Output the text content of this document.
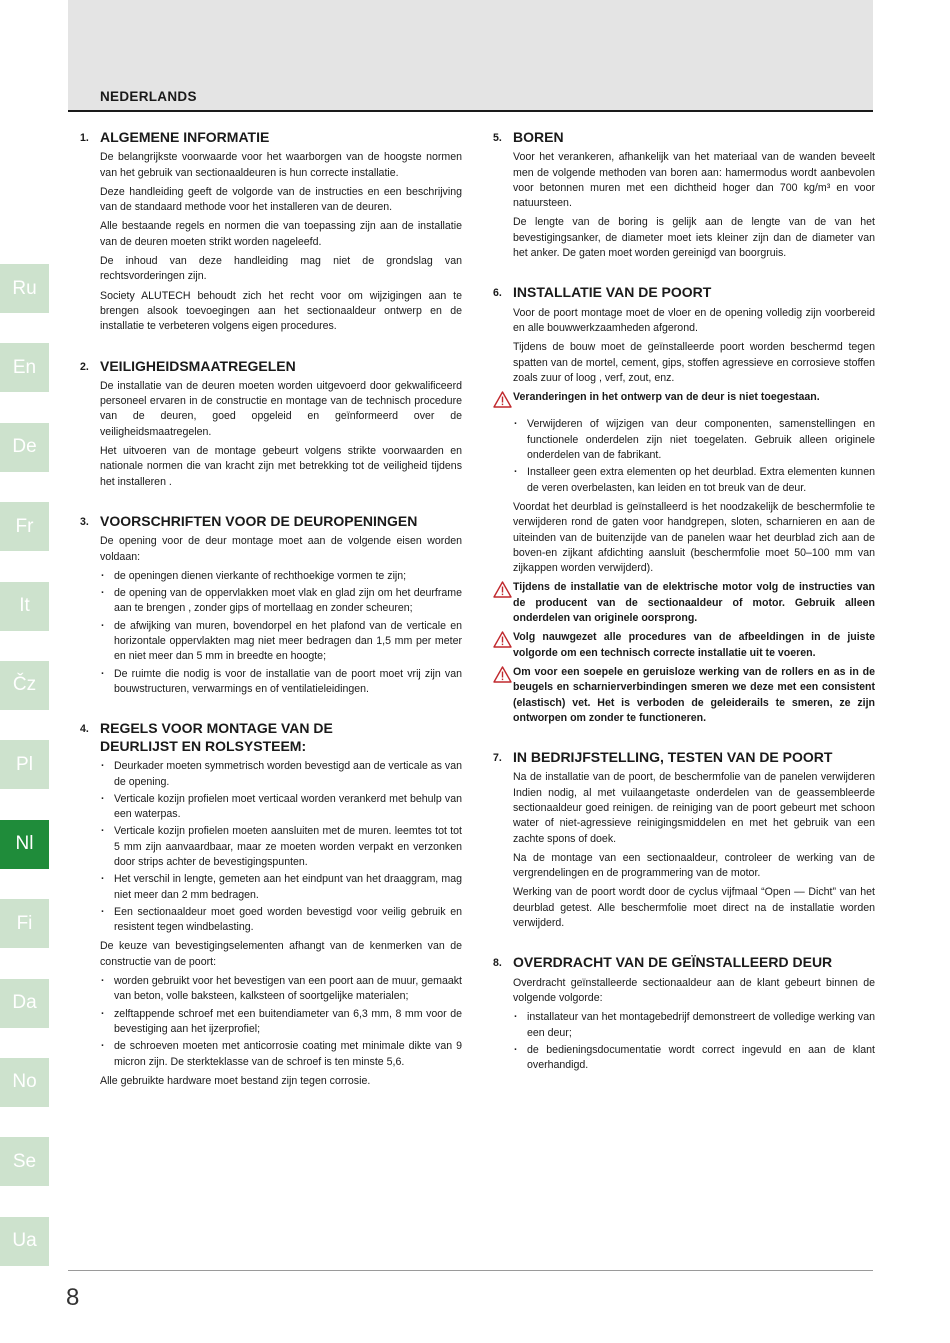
NEDERLANDS
Ru
En
De
Fr
It
Čz
Pl
Nl
Fi
Da
No
Se
Ua
1. ALGEMENE INFORMATIE

De belangrijkste voorwaarde voor het waarborgen van de hoogste normen van het gebruik van sectionaaldeuren is hun correcte installatie.

Deze handleiding geeft de volgorde van de instructies en een beschrijving van de standaard methode voor het installeren van de deuren.

Alle bestaande regels en normen die van toepassing zijn aan de installatie van de deuren moeten strikt worden nageleefd.

De inhoud van deze handleiding mag niet de grondslag van rechtsvorderingen zijn.

Society ALUTECH behoudt zich het recht voor om wijzigingen aan te brengen alsook toevoegingen aan het sectionaaldeur ontwerp en de installatie te verbeteren volgens eigen procedures.

2. VEILIGHEIDSMAATREGELEN

De installatie van de deuren moeten worden uitgevoerd door gekwalificeerd personeel ervaren in de constructie en montage van de technisch procedure van de deuren, goed opgeleid en geïnformeerd over de veiligheidsmaatregelen.

Het uitvoeren van de montage gebeurt volgens strikte voorwaarden en nationale normen die van kracht zijn met betrekking tot de veiligheid tijdens het installeren .

3. VOORSCHRIFTEN VOOR DE DEUROPENINGEN

De opening voor de deur montage moet aan de volgende eisen worden voldaan:

· de openingen dienen vierkante of rechthoekige vormen te zijn;
· de opening van de oppervlakken moet vlak en glad zijn om het deurframe aan te brengen , zonder gips of mortellaag en zonder scheuren;
· de afwijking van muren, bovendorpel en het plafond van de verticale en horizontale oppervlakten mag niet meer bedragen dan 1,5 mm per meter en niet meer dan 5 mm in breedte en hoogte;
· De ruimte die nodig is voor de installatie van de poort moet vrij zijn van bouwstructuren, verwarmings en of ventilatieleidingen.
4. REGELS VOOR MONTAGE VAN DE
DEURLIJST EN ROLSYSTEEM:
· Deurkader moeten symmetrisch worden bevestigd aan de verticale as van de opening.
· Verticale kozijn profielen moet verticaal worden verankerd met behulp van een waterpas.
· Verticale kozijn profielen moeten aansluiten met de muren. leemtes tot tot 5 mm zijn aanvaardbaar, maar ze moeten worden verpakt en verzonken door strips achter de bevestigingspunten.
· Het verschil in lengte, gemeten aan het eindpunt van het draaggram, mag niet meer dan 2 mm bedragen.
· Een sectionaaldeur moet goed worden bevestigd voor veilig gebruik en resistent tegen windbelasting.

De keuze van bevestigingselementen afhangt van de kenmerken van de constructie van de poort:

· worden gebruikt voor het bevestigen van een poort aan de muur, gemaakt van beton, volle baksteen, kalksteen of soortgelijke materialen;
· zelftappende schroef met een buitendiameter van 6,3 mm, 8 mm voor de bevestiging aan het ijzerprofiel;
· de schroeven moeten met anticorrosie coating met minimale dikte van 9 micron zijn. De sterkteklasse van de schroef is ten minste 5,6.

Alle gebruikte hardware moet bestand zijn tegen corrosie.

5. BOREN

Voor het verankeren, afhankelijk van het materiaal van de wanden beveelt men de volgende methoden van boren aan: hamermodus wordt aanbevolen voor betonnen muren met een dichtheid hoger dan 700 kg/m³ en voor natuursteen.

De lengte van de boring is gelijk aan de lengte van de van het bevestigingsanker, de diameter moet iets kleiner zijn dan de diameter van het anker. De gaten moet worden gereinigd van boorgruis.

6. INSTALLATIE VAN DE POORT

Voor de poort montage moet de vloer en de opening volledig zijn voorbereid en alle bouwwerkzaamheden afgerond.

Tijdens de bouw moet de geïnstalleerde poort worden beschermd tegen spatten van de mortel, cement, gips, stoffen agressieve en corrosieve stoffen zoals zuur of loog , verf, zout, enz.

Veranderingen in het ontwerp van de deur is niet toegestaan.
· Verwijderen of wijzigen van deur componenten, samenstellingen en functionele onderdelen zijn niet toegelaten. Gebruik alleen originele onderdelen van de fabrikant.
· Installeer geen extra elementen op het deurblad. Extra elementen kunnen de veren overbelasten, kan leiden en tot breuk van de deur.

Voordat het deurblad is geïnstalleerd is het noodzakelijk de beschermfolie te verwijderen rond de gaten voor handgrepen, sloten, scharnieren en aan de uiteinden van de buitenzijde van de panelen waar het deurblad zich aan de boven-en zijkant afdichting aansluit (beschermfolie moet 50–100 mm van zijkappen worden verwijderd).

Tijdens de installatie van de elektrische motor volg de instructies van de producent van de sectionaaldeur of motor. Gebruik alleen onderdelen van originele oorsprong.
Volg nauwgezet alle procedures van de afbeeldingen in de juiste volgorde om een technisch correcte installatie uit te voeren.
Om voor een soepele en geruisloze werking van de rollers en as in de beugels en scharnierverbindingen smeren we deze met een consistent (elastisch) vet. Het is verboden de geleiderails te smeren, ze zijn ontworpen om zonder te functioneren.
7. IN BEDRIJFSTELLING, TESTEN VAN DE POORT

Na de installatie van de poort, de beschermfolie van de panelen verwijderen Indien nodig, al met vuilaangetaste onderdelen van de geassembleerde sectionaaldeur goed reinigen. de reiniging van de poort gebeurt met schoon water of niet-agressieve reinigingsmiddelen en met het gebruik van een zachte spons of doek.

Na de montage van een sectionaaldeur, controleer de werking van de vergrendelingen en de programmering van de motor.

Werking van de poort wordt door de cyclus vijfmaal “Open — Dicht” van het deurblad getest. Alle beschermfolie moet direct na de installatie worden verwijderd.

8. OVERDRACHT VAN DE GEÏNSTALLEERD DEUR

Overdracht geïnstalleerde sectionaaldeur aan de klant gebeurt binnen de volgende volgorde:

· installateur van het montagebedrijf demonstreert de volledige werking van een deur;
· de bedieningsdocumentatie wordt correct ingevuld en aan de klant overhandigd.
8
